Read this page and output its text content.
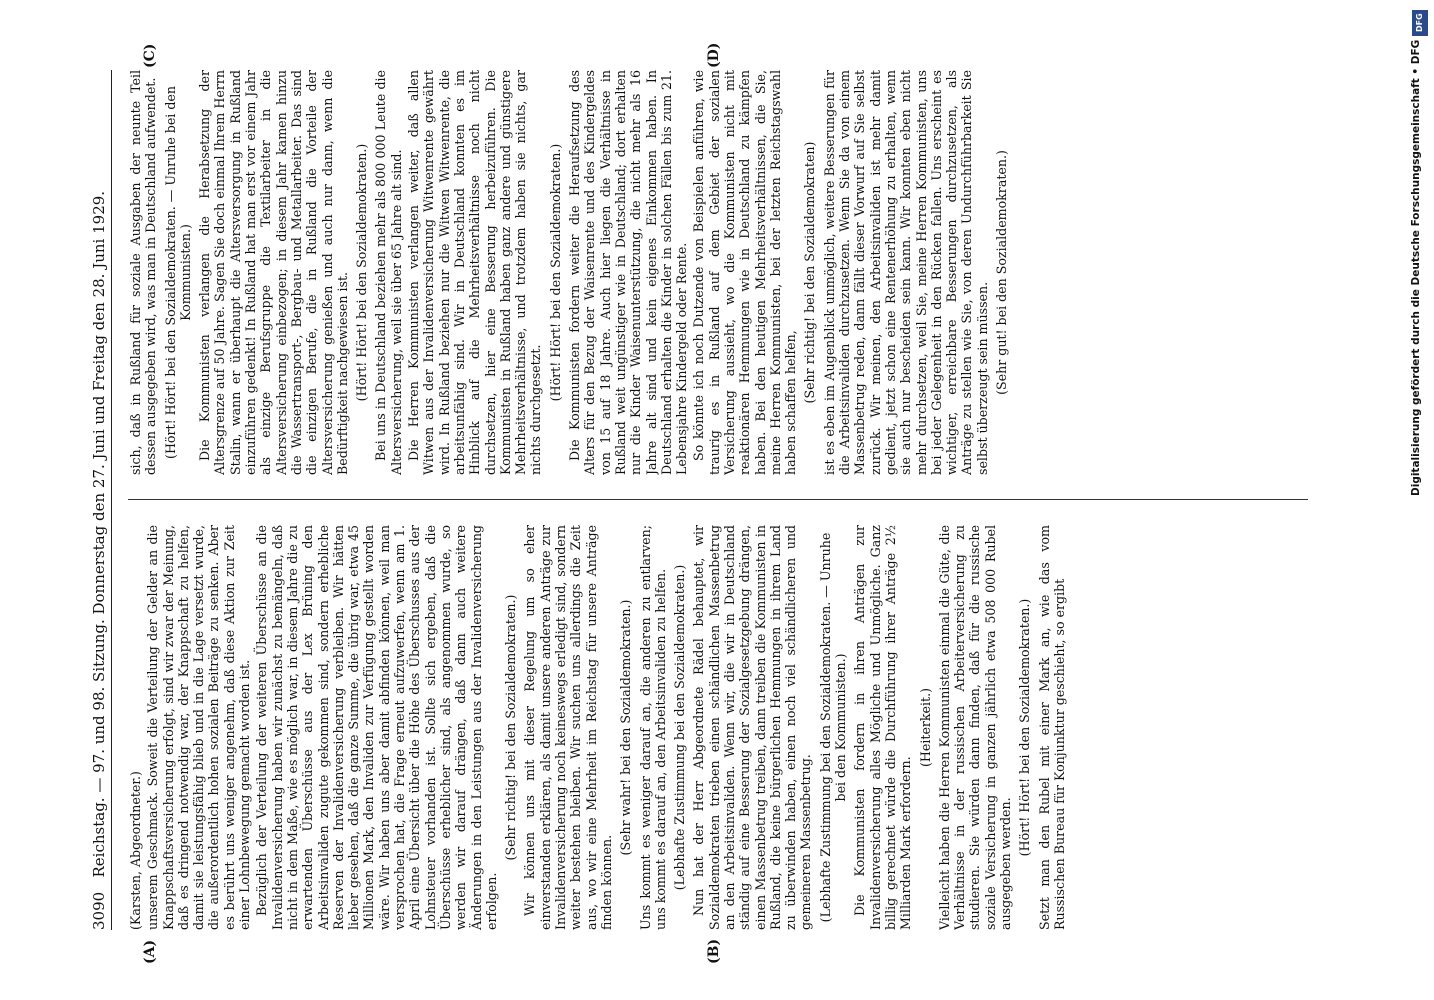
3090   Reichstag. — 97. und 98. Sitzung. Donnerstag den 27. Juni und Freitag den 28. Juni 1929.
(A)	(B)
(C)	(D)

(Karsten, Abgeordneter.) unserem Geschmack. Soweit die Verteilung der Gelder an die Knappschaftsversicherung erfolgt, sind wir zwar der Meinung, daß es dringend notwendig war, der Knappschaft zu helfen, damit sie leistungsfähig blieb und in die Lage versetzt wurde, die außerordentlich hohen sozialen Beiträge zu senken. Aber es berührt uns weniger angenehm, daß diese Aktion zur Zeit einer Lohnbewegung gemacht worden ist. Bezüglich der Verteilung der weiteren Überschüsse an die Invalidenversicherung haben wir zunächst zu bemängeln, daß nicht in dem Maße, wie es möglich war, in diesem Jahre die zu erwartenden Überschüsse aus der Lex Brüning den Arbeitsinvaliden zugute gekommen sind, sondern erhebliche Reserven der Invalidenversicherung verbleiben. Wir hätten lieber gesehen, daß die ganze Summe, die übrig war, etwa 45 Millionen Mark, den Invaliden zur Verfügung gestellt worden wäre. Wir haben uns aber damit abfinden können, weil man versprochen hat, die Frage erneut aufzuwerfen, wenn am 1. April eine Übersicht über die Höhe des Überschusses aus der Lohnsteuer vorhanden ist. Sollte sich ergeben, daß die Überschüsse erheblicher sind, als angenommen wurde, so werden wir darauf drängen, daß dann auch weitere Änderungen in den Leistungen aus der Invalidenversicherung erfolgen.

(Sehr richtig! bei den Sozialdemokraten.) Wir können uns mit dieser Regelung um so eher einverstanden erklären, als damit unsere anderen Anträge zur Invalidenversicherung noch keineswegs erledigt sind, sondern weiter bestehen bleiben. Wir suchen uns allerdings die Zeit aus, wo wir eine Mehrheit im Reichstag für unsere Anträge finden können.

(Sehr wahr! bei den Sozialdemokraten.) Uns kommt es weniger darauf an, die anderen zu entlarven; uns kommt es darauf an, den Arbeitsinvaliden zu helfen. (Lebhafte Zustimmung bei den Sozialdemokraten.) Nun hat der Herr Abgeordnete Rädel behauptet, wir Sozialdemokraten trieben einen schändlichen Massenbetrug an den Arbeitsinvaliden. Wenn wir, die wir in Deutschland ständig auf eine Besserung der Sozialgesetzgebung drängen, einen Massenbetrug treiben, dann treiben die Kommunisten in Rußland, die keine bürgerlichen Hemmungen in ihrem Land zu überwinden haben, einen noch viel schändlicheren und gemeineren Massenbetrug. (Lebhafte Zustimmung bei den Sozialdemokraten. — Unruhe bei den Kommunisten.) Die Kommunisten fordern in ihren Anträgen zur Invalidenversicherung alles Mögliche und Unmögliche. Ganz billig gerechnet würde die Durchführung ihrer Anträge 2½ Milliarden Mark erfordern.

(Heiterkeit.) Vielleicht haben die Herren Kommunisten einmal die Güte, die Verhältnisse in der russischen Arbeiterversicherung zu studieren. Sie würden dann finden, daß für die russische soziale Versicherung in ganzen jährlich etwa 508 000 Rubel ausgegeben werden.

(Hört! Hört! bei den Sozialdemokraten.) Setzt man den Rubel mit einer Mark an, wie das vom Russischen Bureau für Konjunktur geschieht, so ergibt

sich, daß in Rußland für soziale Ausgaben der neunte Teil dessen ausgegeben wird, was man in Deutschland aufwendet. (Hört! Hört! bei den Sozialdemokraten. — Unruhe bei den Kommunisten.) Die Kommunisten verlangen die Herabsetzung der Altersgrenze auf 50 Jahre. Sagen Sie doch einmal Ihrem Herrn Stalin, wann er überhaupt die Altersversorgung in Rußland einzuführen gedenkt! In Rußland hat man erst vor einem Jahr als einzige Berufsgruppe die Textilarbeiter in die Altersversicherung einbezogen; in diesem Jahr kamen hinzu die Wassertransport-, Bergbau- und Metallarbeiter. Das sind die einzigen Berufe, die in Rußland die Vorteile der Altersversicherung genießen und auch nur dann, wenn die Bedürftigkeit nachgewiesen ist. (Hört! Hört! bei den Sozialdemokraten.) Bei uns in Deutschland beziehen mehr als 800 000 Leute die Altersversicherung, weil sie über 65 Jahre alt sind. Die Herren Kommunisten verlangen weiter, daß allen Witwen aus der Invalidenversicherung Witwenrente gewährt wird. In Rußland beziehen nur die Witwen Witwenrente, die arbeitsunfähig sind. Wir in Deutschland konnten es im Hinblick auf die Mehrheitsverhältnisse noch nicht durchsetzen, hier eine Besserung herbeizuführen. Die Kommunisten in Rußland haben ganz andere und günstigere Mehrheitsverhältnisse, und trotzdem haben sie nichts, gar nichts durchgesetzt.

(Hört! Hört! bei den Sozialdemokraten.) Die Kommunisten fordern weiter die Heraufsetzung des Alters für den Bezug der Waisenrente und des Kindergeldes von 15 auf 18 Jahre. Auch hier liegen die Verhältnisse in Rußland weit ungünstiger wie in Deutschland; dort erhalten nur die Kinder Waisenunterstützung, die nicht mehr als 16 Jahre alt sind und kein eigenes Einkommen haben. In Deutschland erhalten die Kinder in solchen Fällen bis zum 21. Lebensjahre Kindergeld oder Rente. So könnte ich noch Dutzende von Beispielen anführen, wie traurig es in Rußland auf dem Gebiet der sozialen Versicherung aussieht, wo die Kommunisten nicht mit reaktionären Hemmungen wie in Deutschland zu kämpfen haben. Bei den heutigen Mehrheitsverhältnissen, die Sie, meine Herren Kommunisten, bei der letzten Reichstagswahl haben schaffen helfen, (Sehr richtig! bei den Sozialdemokraten) ist es eben im Augenblick unmöglich, weitere Besserungen für die Arbeitsinvaliden durchzusetzen. Wenn Sie da von einem Massenbetrug reden, dann fällt dieser Vorwurf auf Sie selbst zurück. Wir meinen, den Arbeitsinvaliden ist mehr damit gedient, jetzt schon eine Rentenerhöhung zu erhalten, wenn sie auch nur bescheiden sein kann. Wir konnten eben nicht mehr durchsetzen, weil Sie, meine Herren Kommunisten, uns bei jeder Gelegenheit in den Rücken fallen. Uns erscheint es wichtiger, erreichbare Besserungen durchzusetzen, als Anträge zu stellen wie Sie, von deren Undurchführbarkeit Sie selbst überzeugt sein müssen. (Sehr gut! bei den Sozialdemokraten.)

DFG
Digitalisierung gefördert durch die Deutsche Forschungsgemeinschaft • DFG
